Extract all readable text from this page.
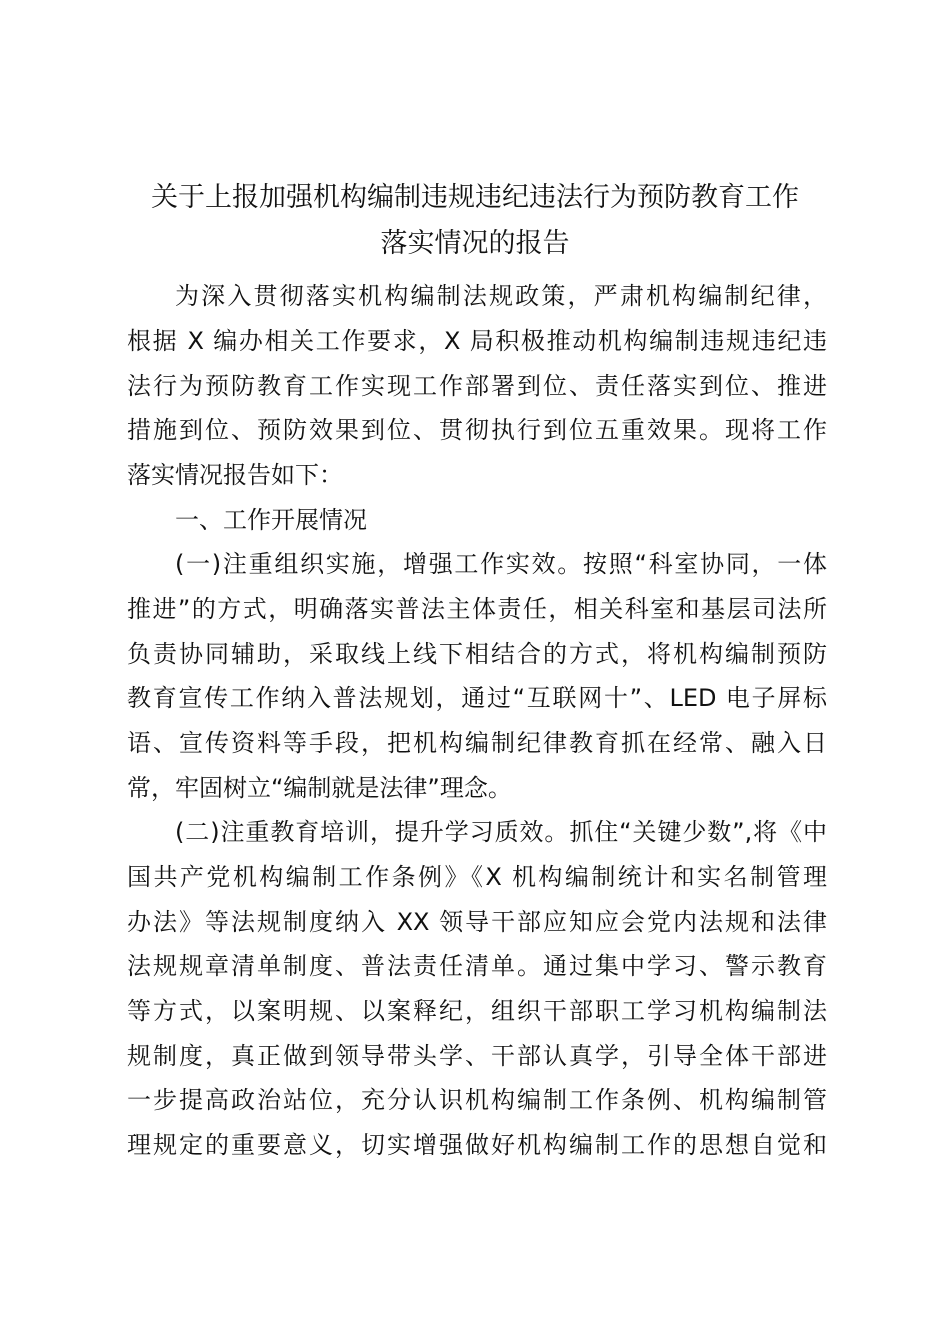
关于上报加强机构编制违规违纪违法行为预防教育工作
落实情况的报告
为深入贯彻落实机构编制法规政策，严肃机构编制纪律，
根据 X 编办相关工作要求，X 局积极推动机构编制违规违纪违
法行为预防教育工作实现工作部署到位、责任落实到位、推进
措施到位、预防效果到位、贯彻执行到位五重效果。现将工作
落实情况报告如下：
一、工作开展情况
(一)注重组织实施，增强工作实效。按照“科室协同，一体
推进”的方式，明确落实普法主体责任，相关科室和基层司法所
负责协同辅助，采取线上线下相结合的方式，将机构编制预防
教育宣传工作纳入普法规划，通过“互联网十”、LED 电子屏标
语、宣传资料等手段，把机构编制纪律教育抓在经常、融入日
常，牢固树立“编制就是法律”理念。
(二)注重教育培训，提升学习质效。抓住“关键少数”,将《中
国共产党机构编制工作条例》《X 机构编制统计和实名制管理
办法》等法规制度纳入 XX 领导干部应知应会党内法规和法律
法规规章清单制度、普法责任清单。通过集中学习、警示教育
等方式，以案明规、以案释纪，组织干部职工学习机构编制法
规制度，真正做到领导带头学、干部认真学，引导全体干部进
一步提高政治站位，充分认识机构编制工作条例、机构编制管
理规定的重要意义，切实增强做好机构编制工作的思想自觉和
